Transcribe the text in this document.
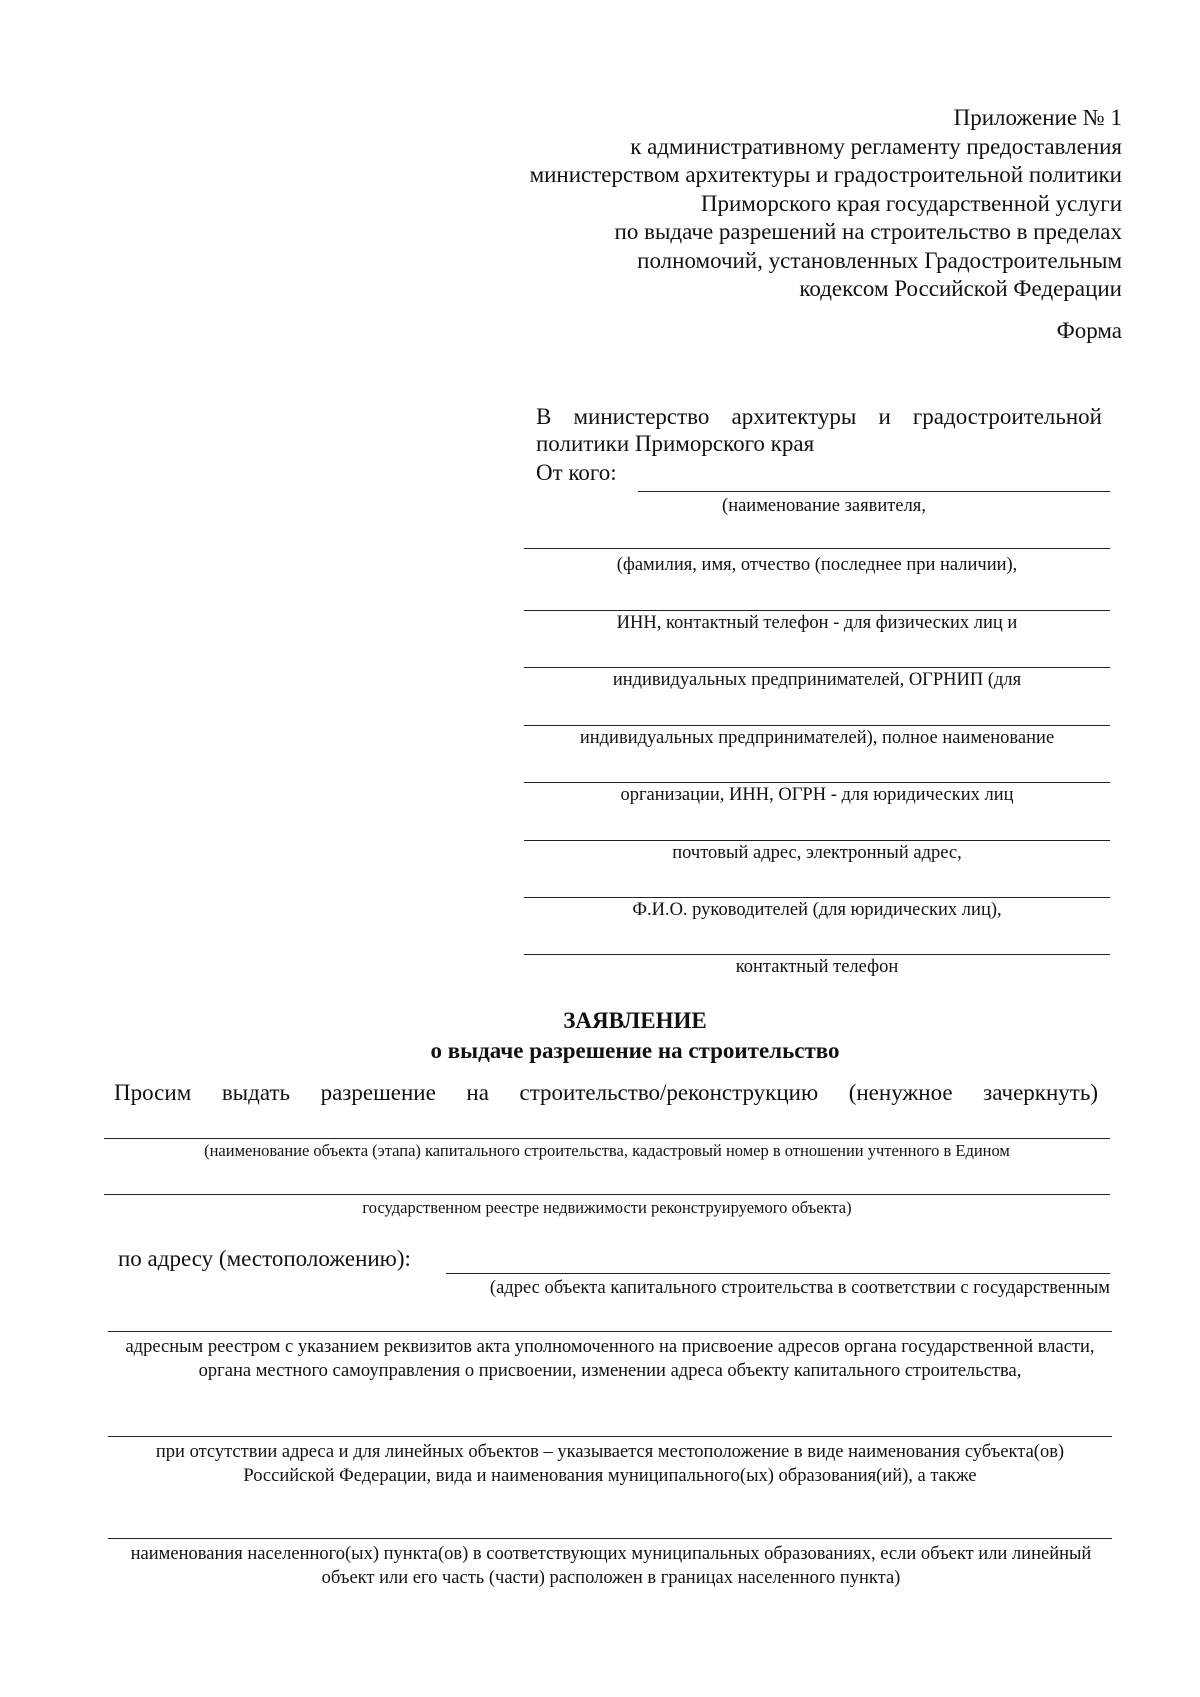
Приложение № 1
к административному регламенту предоставления
министерством архитектуры и градостроительной политики
Приморского края государственной услуги
по выдаче разрешений на строительство в пределах
полномочий, установленных Градостроительным
кодексом Российской Федерации
Форма
В министерство архитектуры и градостроительной
политики Приморского края
От кого:
(наименование заявителя,
(фамилия, имя, отчество (последнее при наличии),
ИНН, контактный телефон - для физических лиц и
индивидуальных предпринимателей, ОГРНИП (для
индивидуальных предпринимателей), полное наименование
организации, ИНН, ОГРН - для юридических лиц
почтовый адрес, электронный адрес,
Ф.И.О. руководителей (для юридических лиц),
контактный телефон
ЗАЯВЛЕНИЕ
о выдаче разрешение на строительство
Просим выдать разрешение на строительство/реконструкцию (ненужное зачеркнуть)
(наименование объекта (этапа) капитального строительства, кадастровый номер в отношении учтенного в Едином
государственном реестре недвижимости реконструируемого объекта)
по адресу (местоположению):
(адрес объекта капитального строительства в соответствии с государственным
адресным реестром с указанием реквизитов акта уполномоченного на присвоение адресов органа государственной власти, органа местного самоуправления о присвоении, изменении адреса объекту капитального строительства,
при отсутствии адреса и для линейных объектов – указывается местоположение в виде наименования субъекта(ов) Российской Федерации, вида и наименования муниципального(ых) образования(ий), а также
наименования населенного(ых) пункта(ов) в соответствующих муниципальных образованиях, если объект или линейный объект или его часть (части) расположен в границах населенного пункта)
